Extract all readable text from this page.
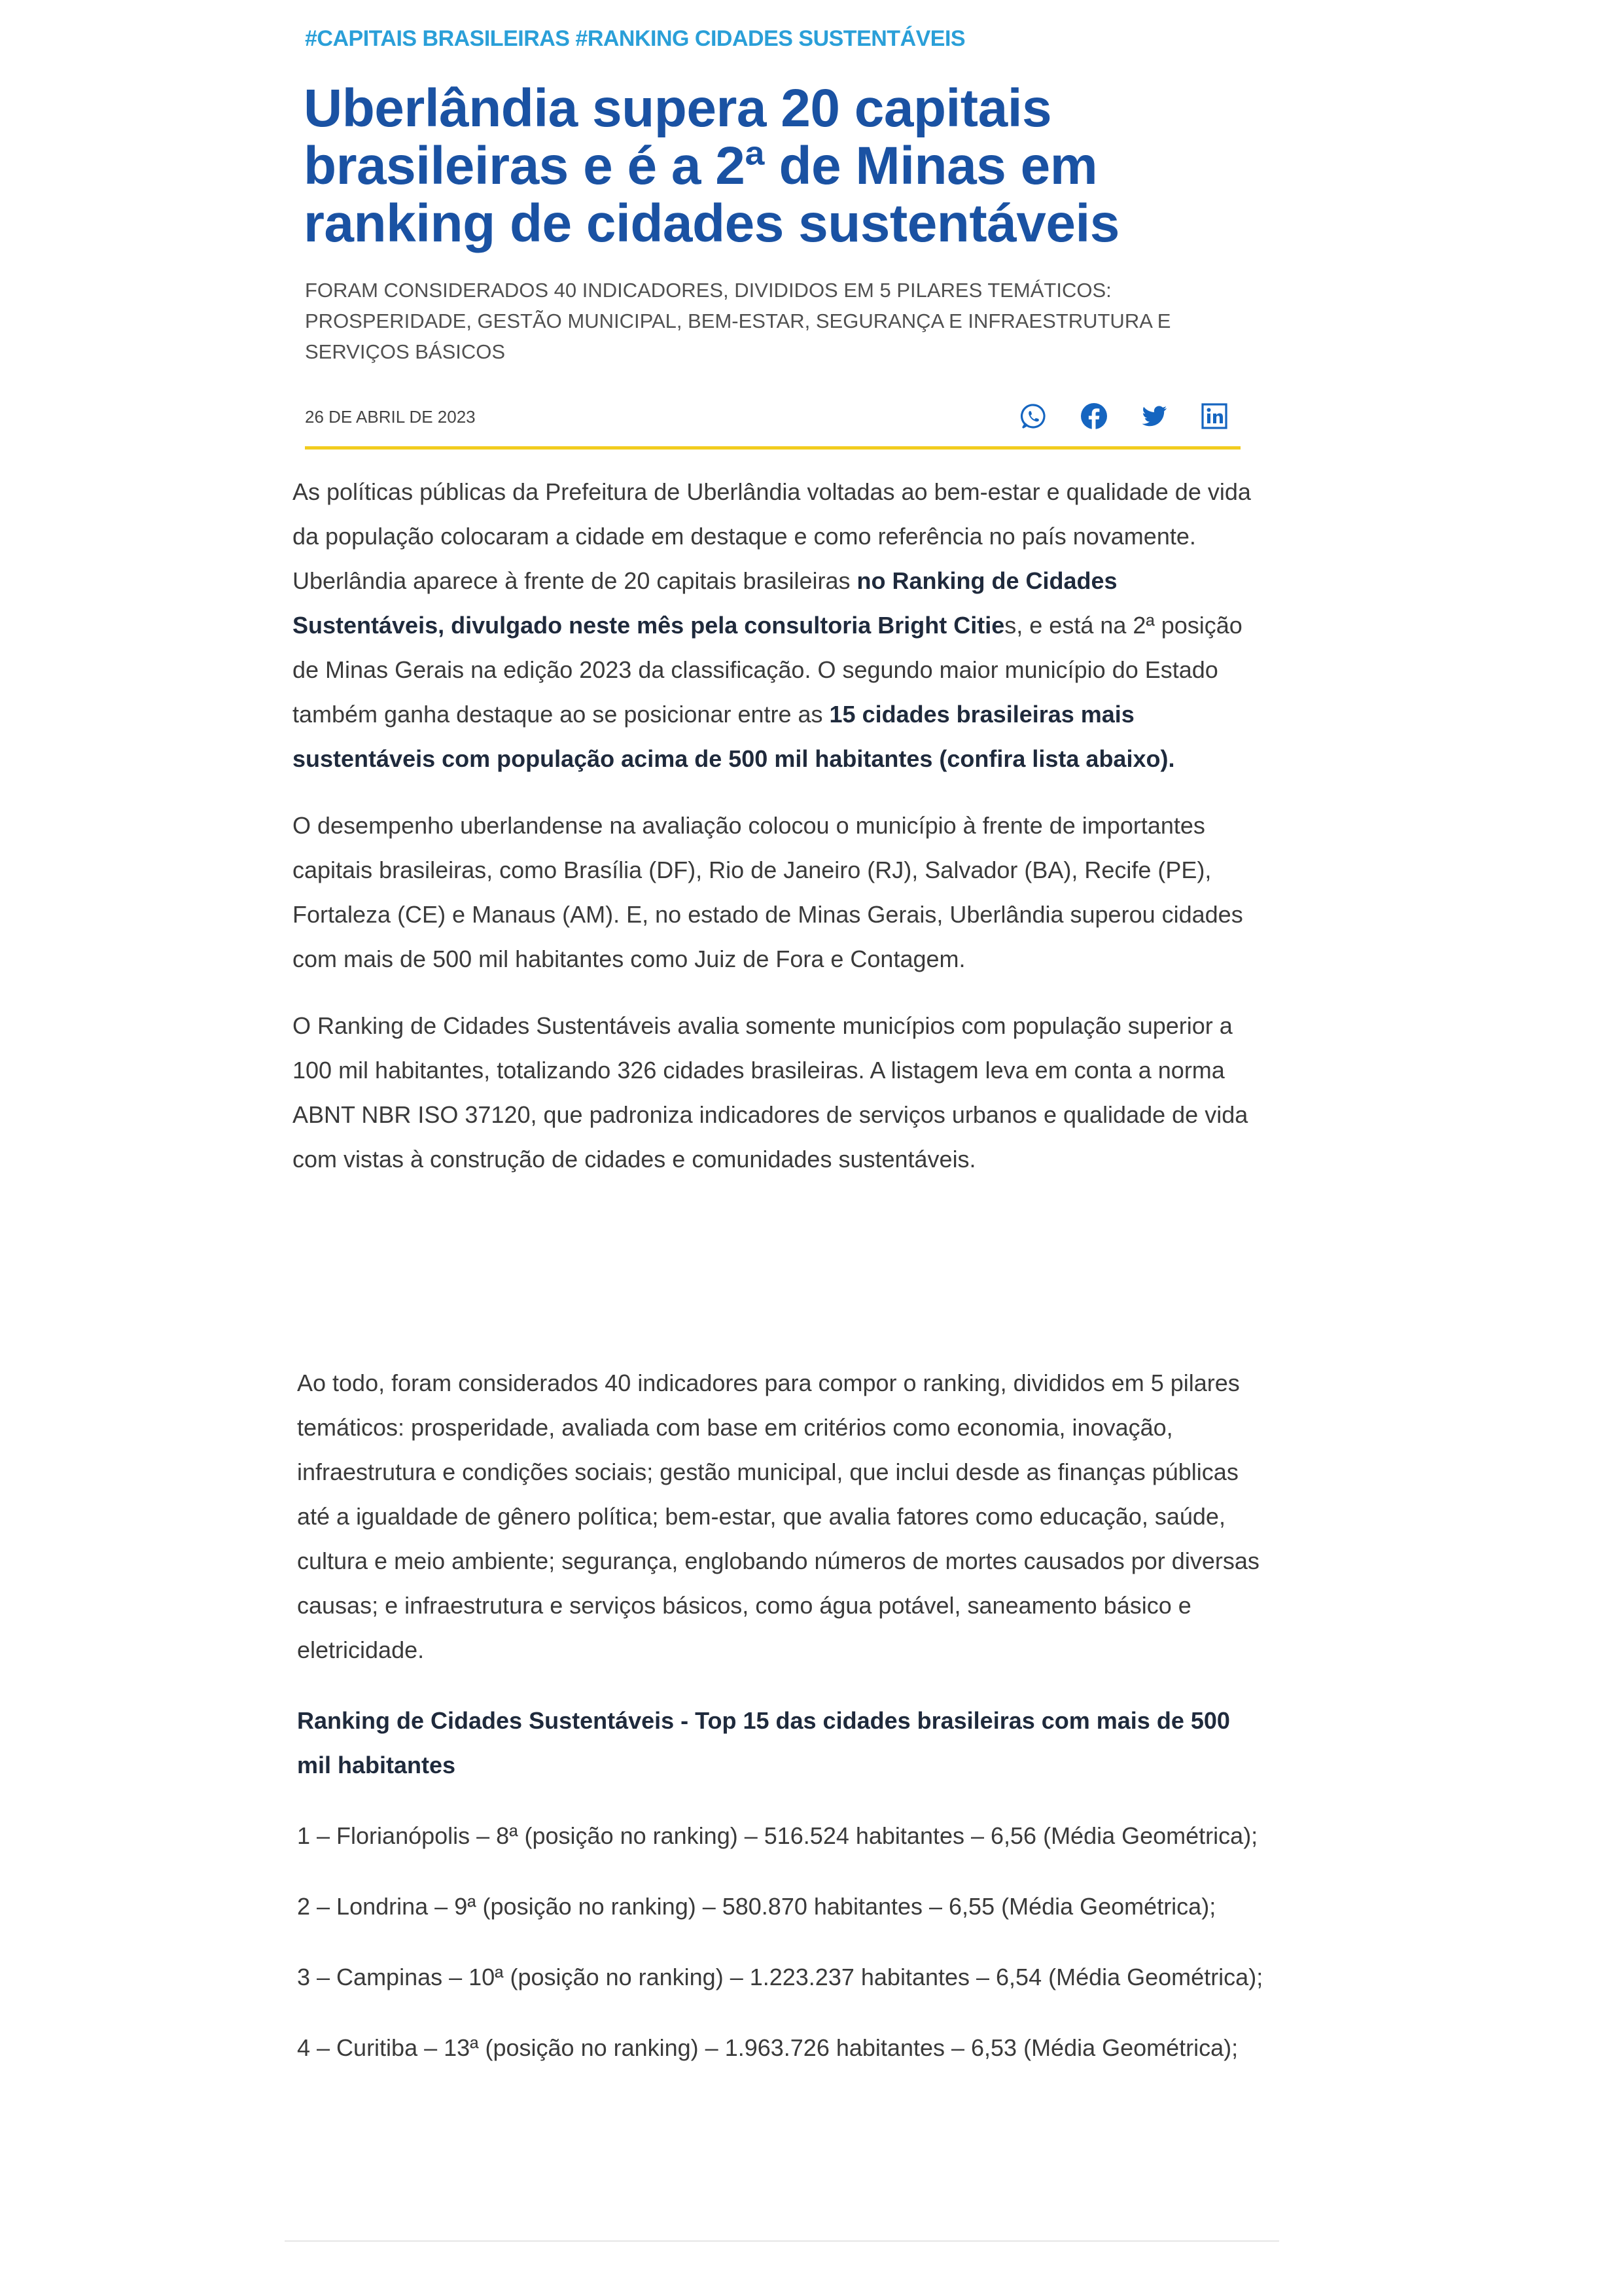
#CAPITAIS BRASILEIRAS #RANKING CIDADES SUSTENTÁVEIS
Uberlândia supera 20 capitais
brasileiras e é a 2ª de Minas em
ranking de cidades sustentáveis

FORAM CONSIDERADOS 40 INDICADORES, DIVIDIDOS EM 5 PILARES TEMÁTICOS:
PROSPERIDADE, GESTÃO MUNICIPAL, BEM-ESTAR, SEGURANÇA E INFRAESTRUTURA E
SERVIÇOS BÁSICOS

26 DE ABRIL DE 2023

As políticas públicas da Prefeitura de Uberlândia voltadas ao bem-estar e qualidade de vida da população colocaram a cidade em destaque e como referência no país novamente. Uberlândia aparece à frente de 20 capitais brasileiras no Ranking de Cidades Sustentáveis, divulgado neste mês pela consultoria Bright Cities, e está na 2ª posição de Minas Gerais na edição 2023 da classificação. O segundo maior município do Estado também ganha destaque ao se posicionar entre as 15 cidades brasileiras mais sustentáveis com população acima de 500 mil habitantes (confira lista abaixo).

O desempenho uberlandense na avaliação colocou o município à frente de importantes capitais brasileiras, como Brasília (DF), Rio de Janeiro (RJ), Salvador (BA), Recife (PE), Fortaleza (CE) e Manaus (AM). E, no estado de Minas Gerais, Uberlândia superou cidades com mais de 500 mil habitantes como Juiz de Fora e Contagem.

O Ranking de Cidades Sustentáveis avalia somente municípios com população superior a 100 mil habitantes, totalizando 326 cidades brasileiras. A listagem leva em conta a norma ABNT NBR ISO 37120, que padroniza indicadores de serviços urbanos e qualidade de vida com vistas à construção de cidades e comunidades sustentáveis.

Ao todo, foram considerados 40 indicadores para compor o ranking, divididos em 5 pilares temáticos: prosperidade, avaliada com base em critérios como economia, inovação, infraestrutura e condições sociais; gestão municipal, que inclui desde as finanças públicas até a igualdade de gênero política; bem-estar, que avalia fatores como educação, saúde, cultura e meio ambiente; segurança, englobando números de mortes causados por diversas causas; e infraestrutura e serviços básicos, como água potável, saneamento básico e eletricidade.

Ranking de Cidades Sustentáveis - Top 15 das cidades brasileiras com mais de 500 mil habitantes

1 – Florianópolis – 8ª (posição no ranking) – 516.524 habitantes – 6,56 (Média Geométrica);

2 – Londrina – 9ª (posição no ranking) – 580.870 habitantes – 6,55 (Média Geométrica);

3 – Campinas – 10ª (posição no ranking) – 1.223.237 habitantes – 6,54 (Média Geométrica);

4 – Curitiba – 13ª (posição no ranking) – 1.963.726 habitantes – 6,53 (Média Geométrica);
